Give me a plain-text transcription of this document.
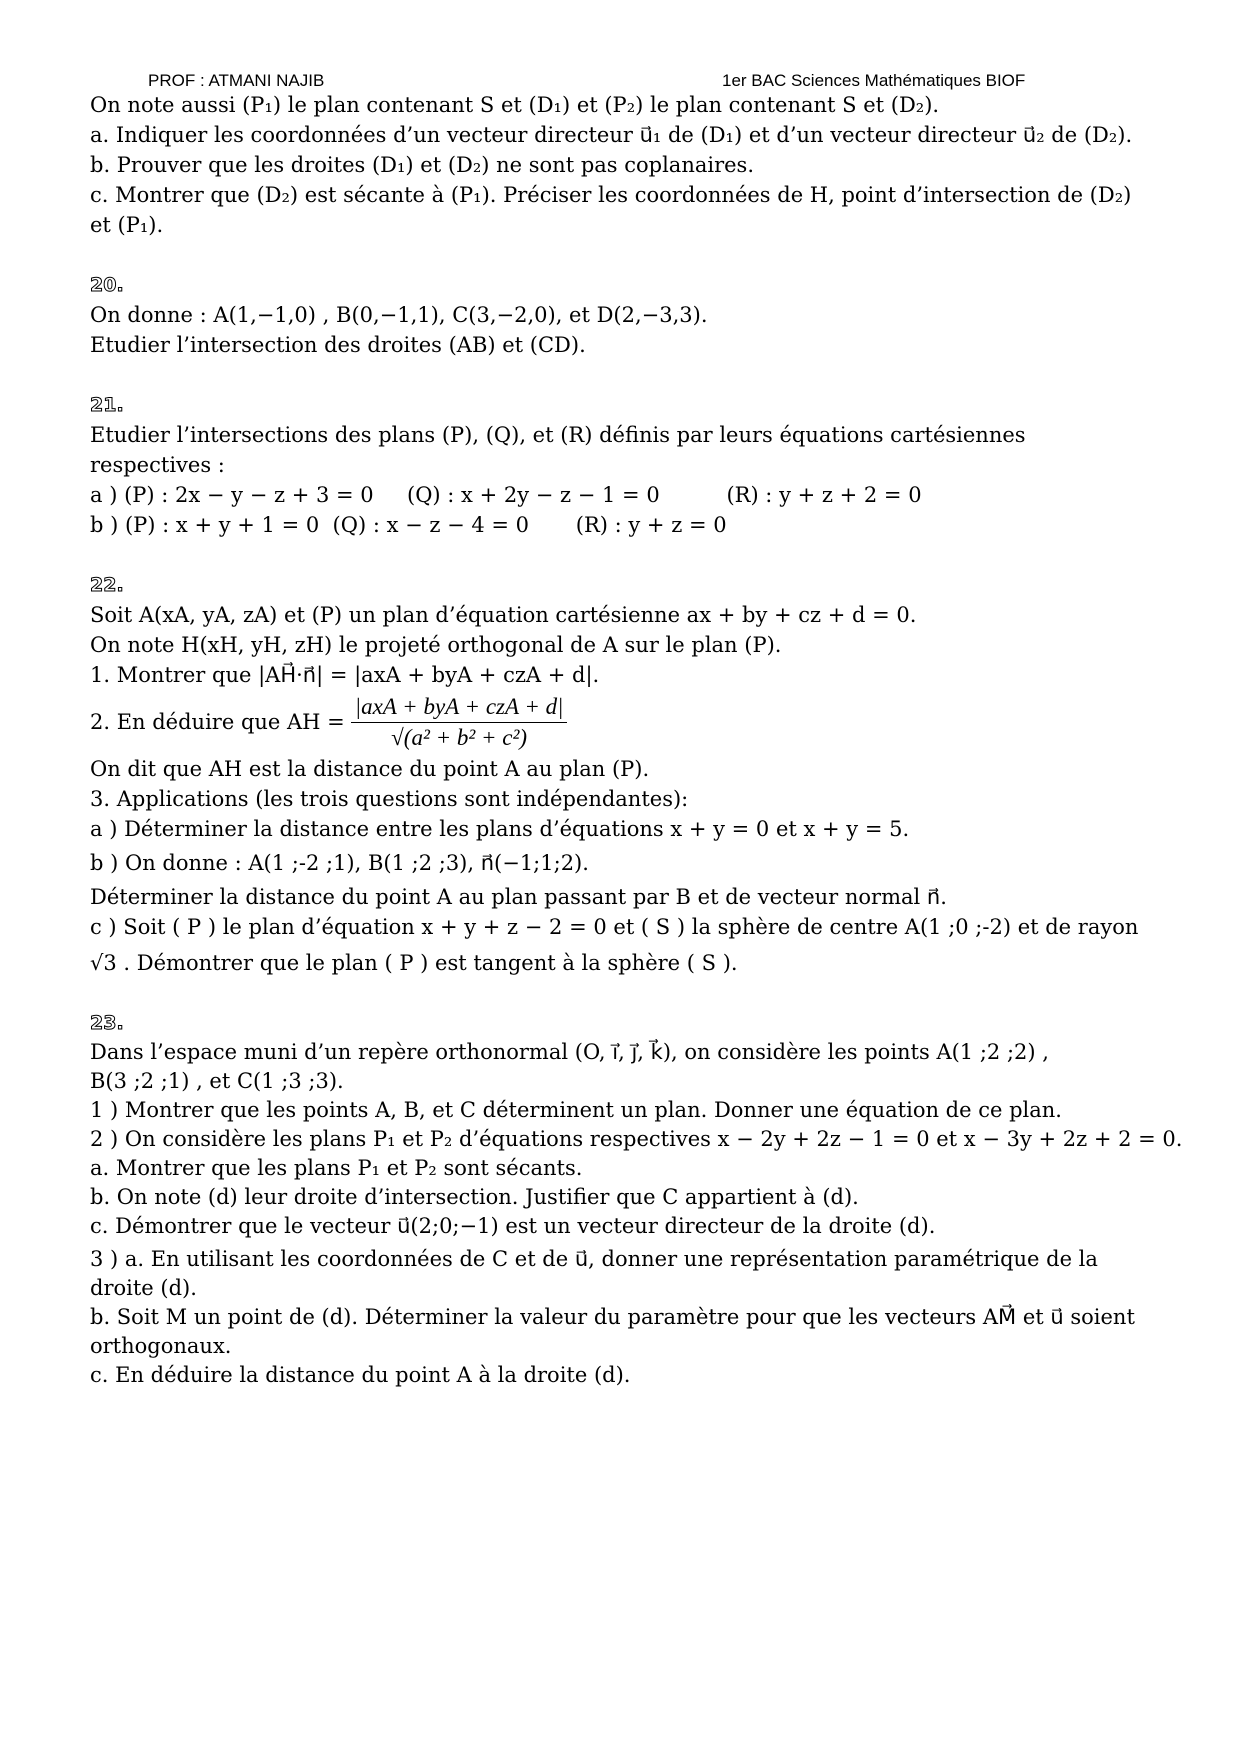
PROF : ATMANI NAJIB	1er BAC Sciences Mathématiques BIOF
On note aussi (P₁) le plan contenant S et (D₁) et (P₂) le plan contenant S et (D₂).
a. Indiquer les coordonnées d’un vecteur directeur u⃗₁ de (D₁) et d’un vecteur directeur u⃗₂ de (D₂).
b. Prouver que les droites (D₁) et (D₂) ne sont pas coplanaires.
c. Montrer que (D₂) est sécante à (P₁). Préciser les coordonnées de H, point d’intersection de (D₂)
et (P₁).
20.
On donne : A(1,−1,0) , B(0,−1,1), C(3,−2,0), et D(2,−3,3).
Etudier l’intersection des droites (AB) et (CD).
21.
Etudier l’intersections des plans (P), (Q), et (R) définis par leurs équations cartésiennes
respectives :
a ) (P) : 2x − y − z + 3 = 0     (Q) : x + 2y − z − 1 = 0          (R) : y + z + 2 = 0
b ) (P) : x + y + 1 = 0  (Q) : x − z − 4 = 0       (R) : y + z = 0
22.
Soit A(xA, yA, zA) et (P) un plan d’équation cartésienne ax + by + cz + d = 0.
On note H(xH, yH, zH) le projeté orthogonal de A sur le plan (P).
1. Montrer que |AH⃗·n⃗| = |axA + byA + czA + d|.
2. En déduire que AH = $\frac{\text{|axA + byA + czA + d|}}{\text{√(a² + b² + c²)}}$
On dit que AH est la distance du point A au plan (P).
3. Applications (les trois questions sont indépendantes):
a ) Déterminer la distance entre les plans d’équations x + y = 0 et x + y = 5.
b ) On donne : A(1 ;-2 ;1), B(1 ;2 ;3), n⃗(−1;1;2).
Déterminer la distance du point A au plan passant par B et de vecteur normal n⃗.
c ) Soit ( P ) le plan d’équation x + y + z − 2 = 0 et ( S ) la sphère de centre A(1 ;0 ;-2) et de rayon
√3 . Démontrer que le plan ( P ) est tangent à la sphère ( S ).
23.
Dans l’espace muni d’un repère orthonormal (O, i⃗, j⃗, k⃗), on considère les points A(1 ;2 ;2) ,
B(3 ;2 ;1) , et C(1 ;3 ;3).
1 ) Montrer que les points A, B, et C déterminent un plan. Donner une équation de ce plan.
2 ) On considère les plans P₁ et P₂ d’équations respectives x − 2y + 2z − 1 = 0 et x − 3y + 2z + 2 = 0.
a. Montrer que les plans P₁ et P₂ sont sécants.
b. On note (d) leur droite d’intersection. Justifier que C appartient à (d).
c. Démontrer que le vecteur u⃗(2;0;−1) est un vecteur directeur de la droite (d).
3 ) a. En utilisant les coordonnées de C et de u⃗, donner une représentation paramétrique de la
droite (d).
b. Soit M un point de (d). Déterminer la valeur du paramètre pour que les vecteurs AM⃗ et u⃗ soient
orthogonaux.
c. En déduire la distance du point A à la droite (d).
